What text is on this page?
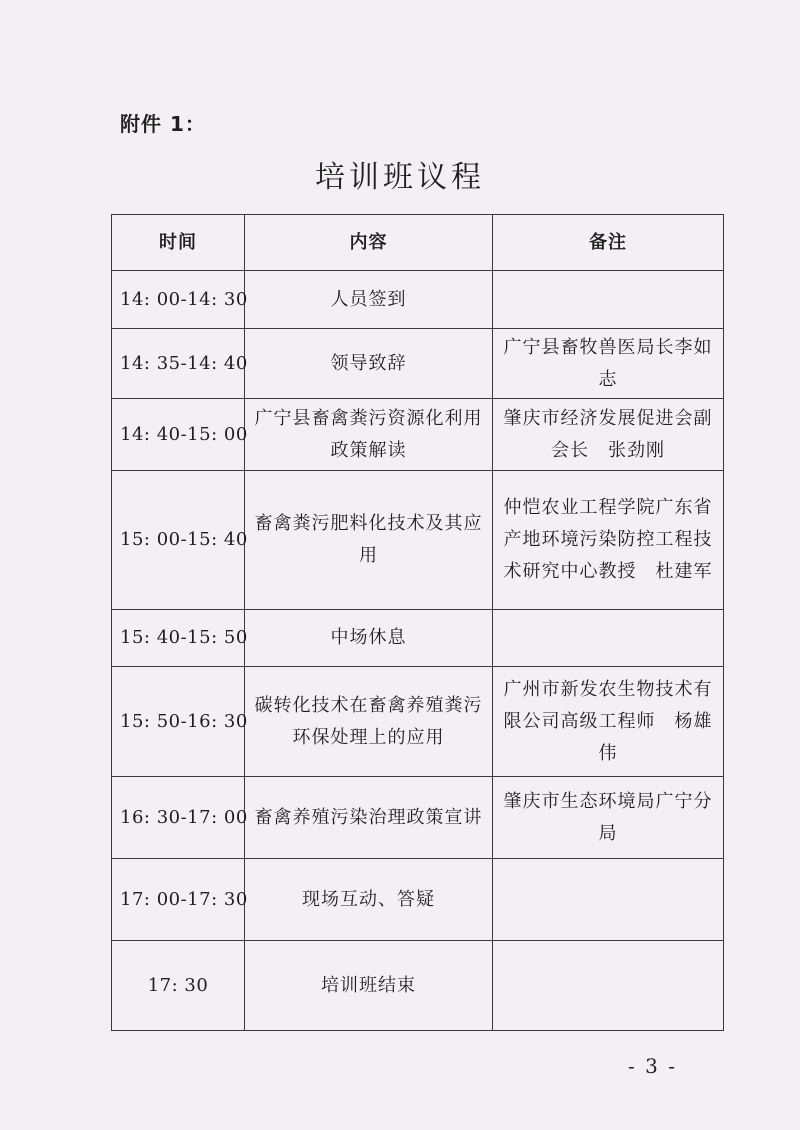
附件 1：
培训班议程
时间	内容	备注
14: 00-14: 30	人员签到	
14: 35-14: 40	领导致辞	广宁县畜牧兽医局长李如志
14: 40-15: 00	广宁县畜禽粪污资源化利用政策解读	肇庆市经济发展促进会副会长　张劲刚
15: 00-15: 40	畜禽粪污肥料化技术及其应用	仲恺农业工程学院广东省产地环境污染防控工程技术研究中心教授　杜建军
15: 40-15: 50	中场休息	
15: 50-16: 30	碳转化技术在畜禽养殖粪污环保处理上的应用	广州市新发农生物技术有限公司高级工程师　杨雄伟
16: 30-17: 00	畜禽养殖污染治理政策宣讲	肇庆市生态环境局广宁分局
17: 00-17: 30	现场互动、答疑	
17: 30	培训班结束	
- 3 -
